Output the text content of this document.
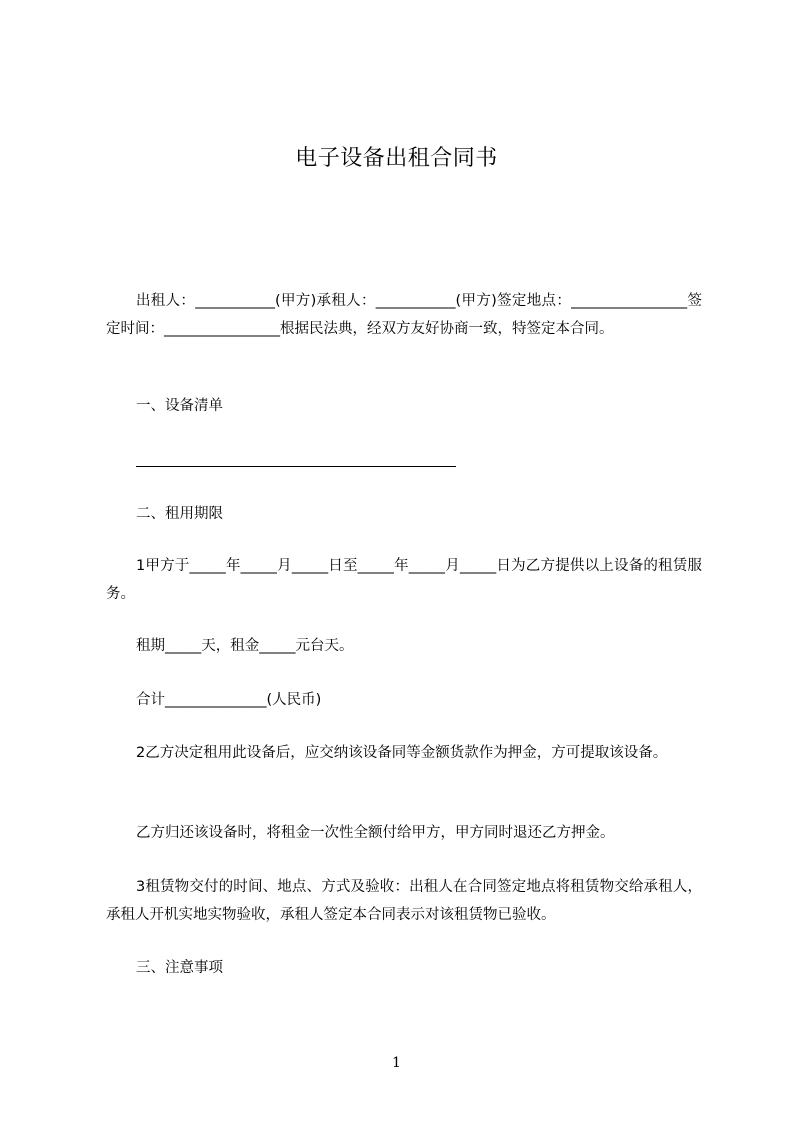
电子设备出租合同书

出租人：___________(甲方)承租人：___________(甲方)签定地点：________________签定时间：________________根据民法典，经双方友好协商一致，特签定本合同。

一、设备清单

二、租用期限

1甲方于_____年_____月_____日至_____年_____月_____日为乙方提供以上设备的租赁服务。

租期_____天，租金_____元台天。

合计______________(人民币)

2乙方决定租用此设备后，应交纳该设备同等金额货款作为押金，方可提取该设备。

乙方归还该设备时，将租金一次性全额付给甲方，甲方同时退还乙方押金。

3租赁物交付的时间、地点、方式及验收：出租人在合同签定地点将租赁物交给承租人，承租人开机实地实物验收，承租人签定本合同表示对该租赁物已验收。

三、注意事项

1
